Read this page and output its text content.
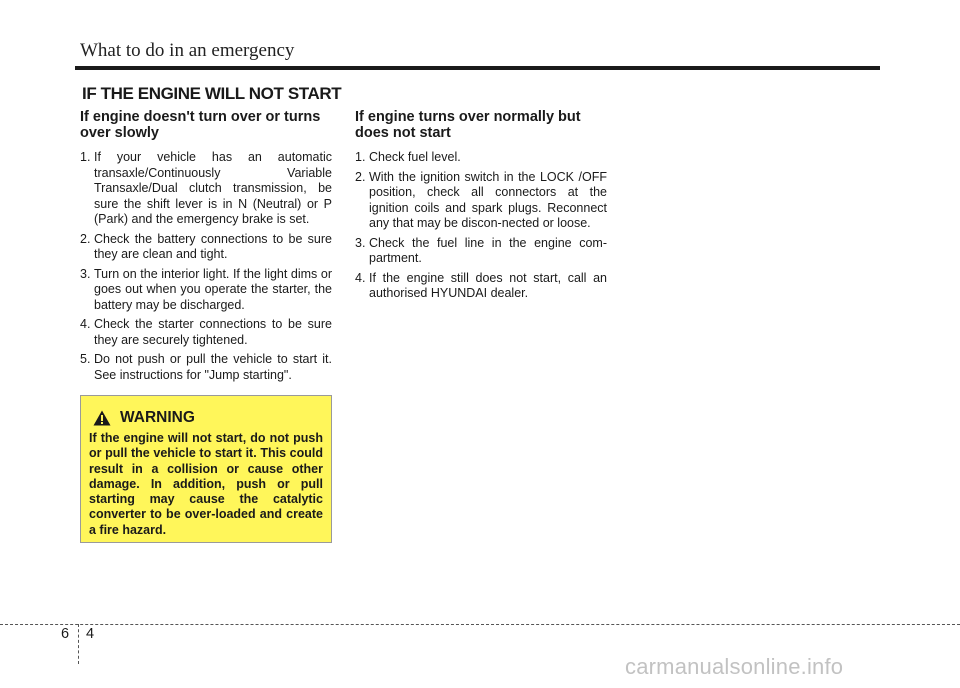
What to do in an emergency
IF THE ENGINE WILL NOT START
If engine doesn't turn over or turns over slowly
1. If your vehicle has an automatic transaxle/Continuously Variable Transaxle/Dual clutch transmission, be sure the shift lever is in N (Neutral) or P (Park) and the emergency brake is set.
2. Check the battery connections to be sure they are clean and tight.
3. Turn on the interior light. If the light dims or goes out when you operate the starter, the battery may be discharged.
4. Check the starter connections to be sure they are securely tightened.
5. Do not push or pull the vehicle to start it. See instructions for "Jump starting".
WARNING
If the engine will not start, do not push or pull the vehicle to start it. This could result in a collision or cause other damage. In addition, push or pull starting may cause the catalytic converter to be over-loaded and create a fire hazard.
If engine turns over normally but does not start
1. Check fuel level.
2. With the ignition switch in the LOCK /OFF position, check all connectors at the ignition coils and spark plugs. Reconnect any that may be discon-nected or loose.
3. Check the fuel line in the engine com-partment.
4. If the engine still does not start, call an authorised HYUNDAI dealer.
6 4
carmanualsonline.info
